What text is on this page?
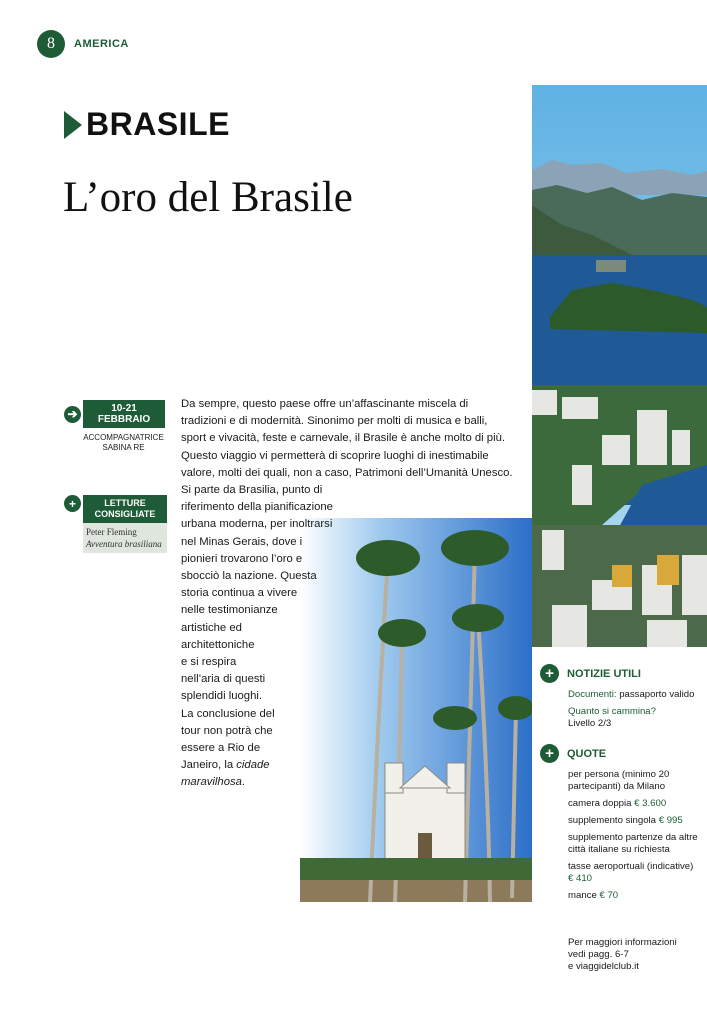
8	AMERICA
BRASILE
L’oro del Brasile
➔	10-21 FEBBRAIO
ACCOMPAGNATRICE
SABINA RE
+	LETTURE
CONSIGLIATE
Peter Fleming
Avventura brasiliana
Da sempre, questo paese offre un’affascinante miscela di
tradizioni e di modernità. Sinonimo per molti di musica e balli,
sport e vivacità, feste e carnevale, il Brasile è anche molto di più.
Questo viaggio vi permetterà di scoprire luoghi di inestimabile
valore, molti dei quali, non a caso, Patrimoni dell’Umanità Unesco.
Si parte da Brasilia, punto di
riferimento della pianificazione
urbana moderna, per inoltrarsi
nel Minas Gerais, dove i
pionieri trovarono l’oro e
sbocciò la nazione. Questa
storia continua a vivere
nelle testimonianze
artistiche ed
architettoniche
e si respira
nell’aria di questi
splendidi luoghi.
La conclusione del
tour non potrà che
essere a Rio de
Janeiro, la cidade
maravilhosa.
+	NOTIZIE UTILI
Documenti: passaporto valido
Quanto si cammina?
Livello 2/3
+	QUOTE
per persona (minimo 20 partecipanti) da Milano
camera doppia € 3.600
supplemento singola € 995
supplemento partenze da altre città italiane su richiesta
tasse aeroportuali (indicative) € 410
mance € 70
Per maggiori informazioni
vedi pagg. 6-7
e viaggidelclub.it
